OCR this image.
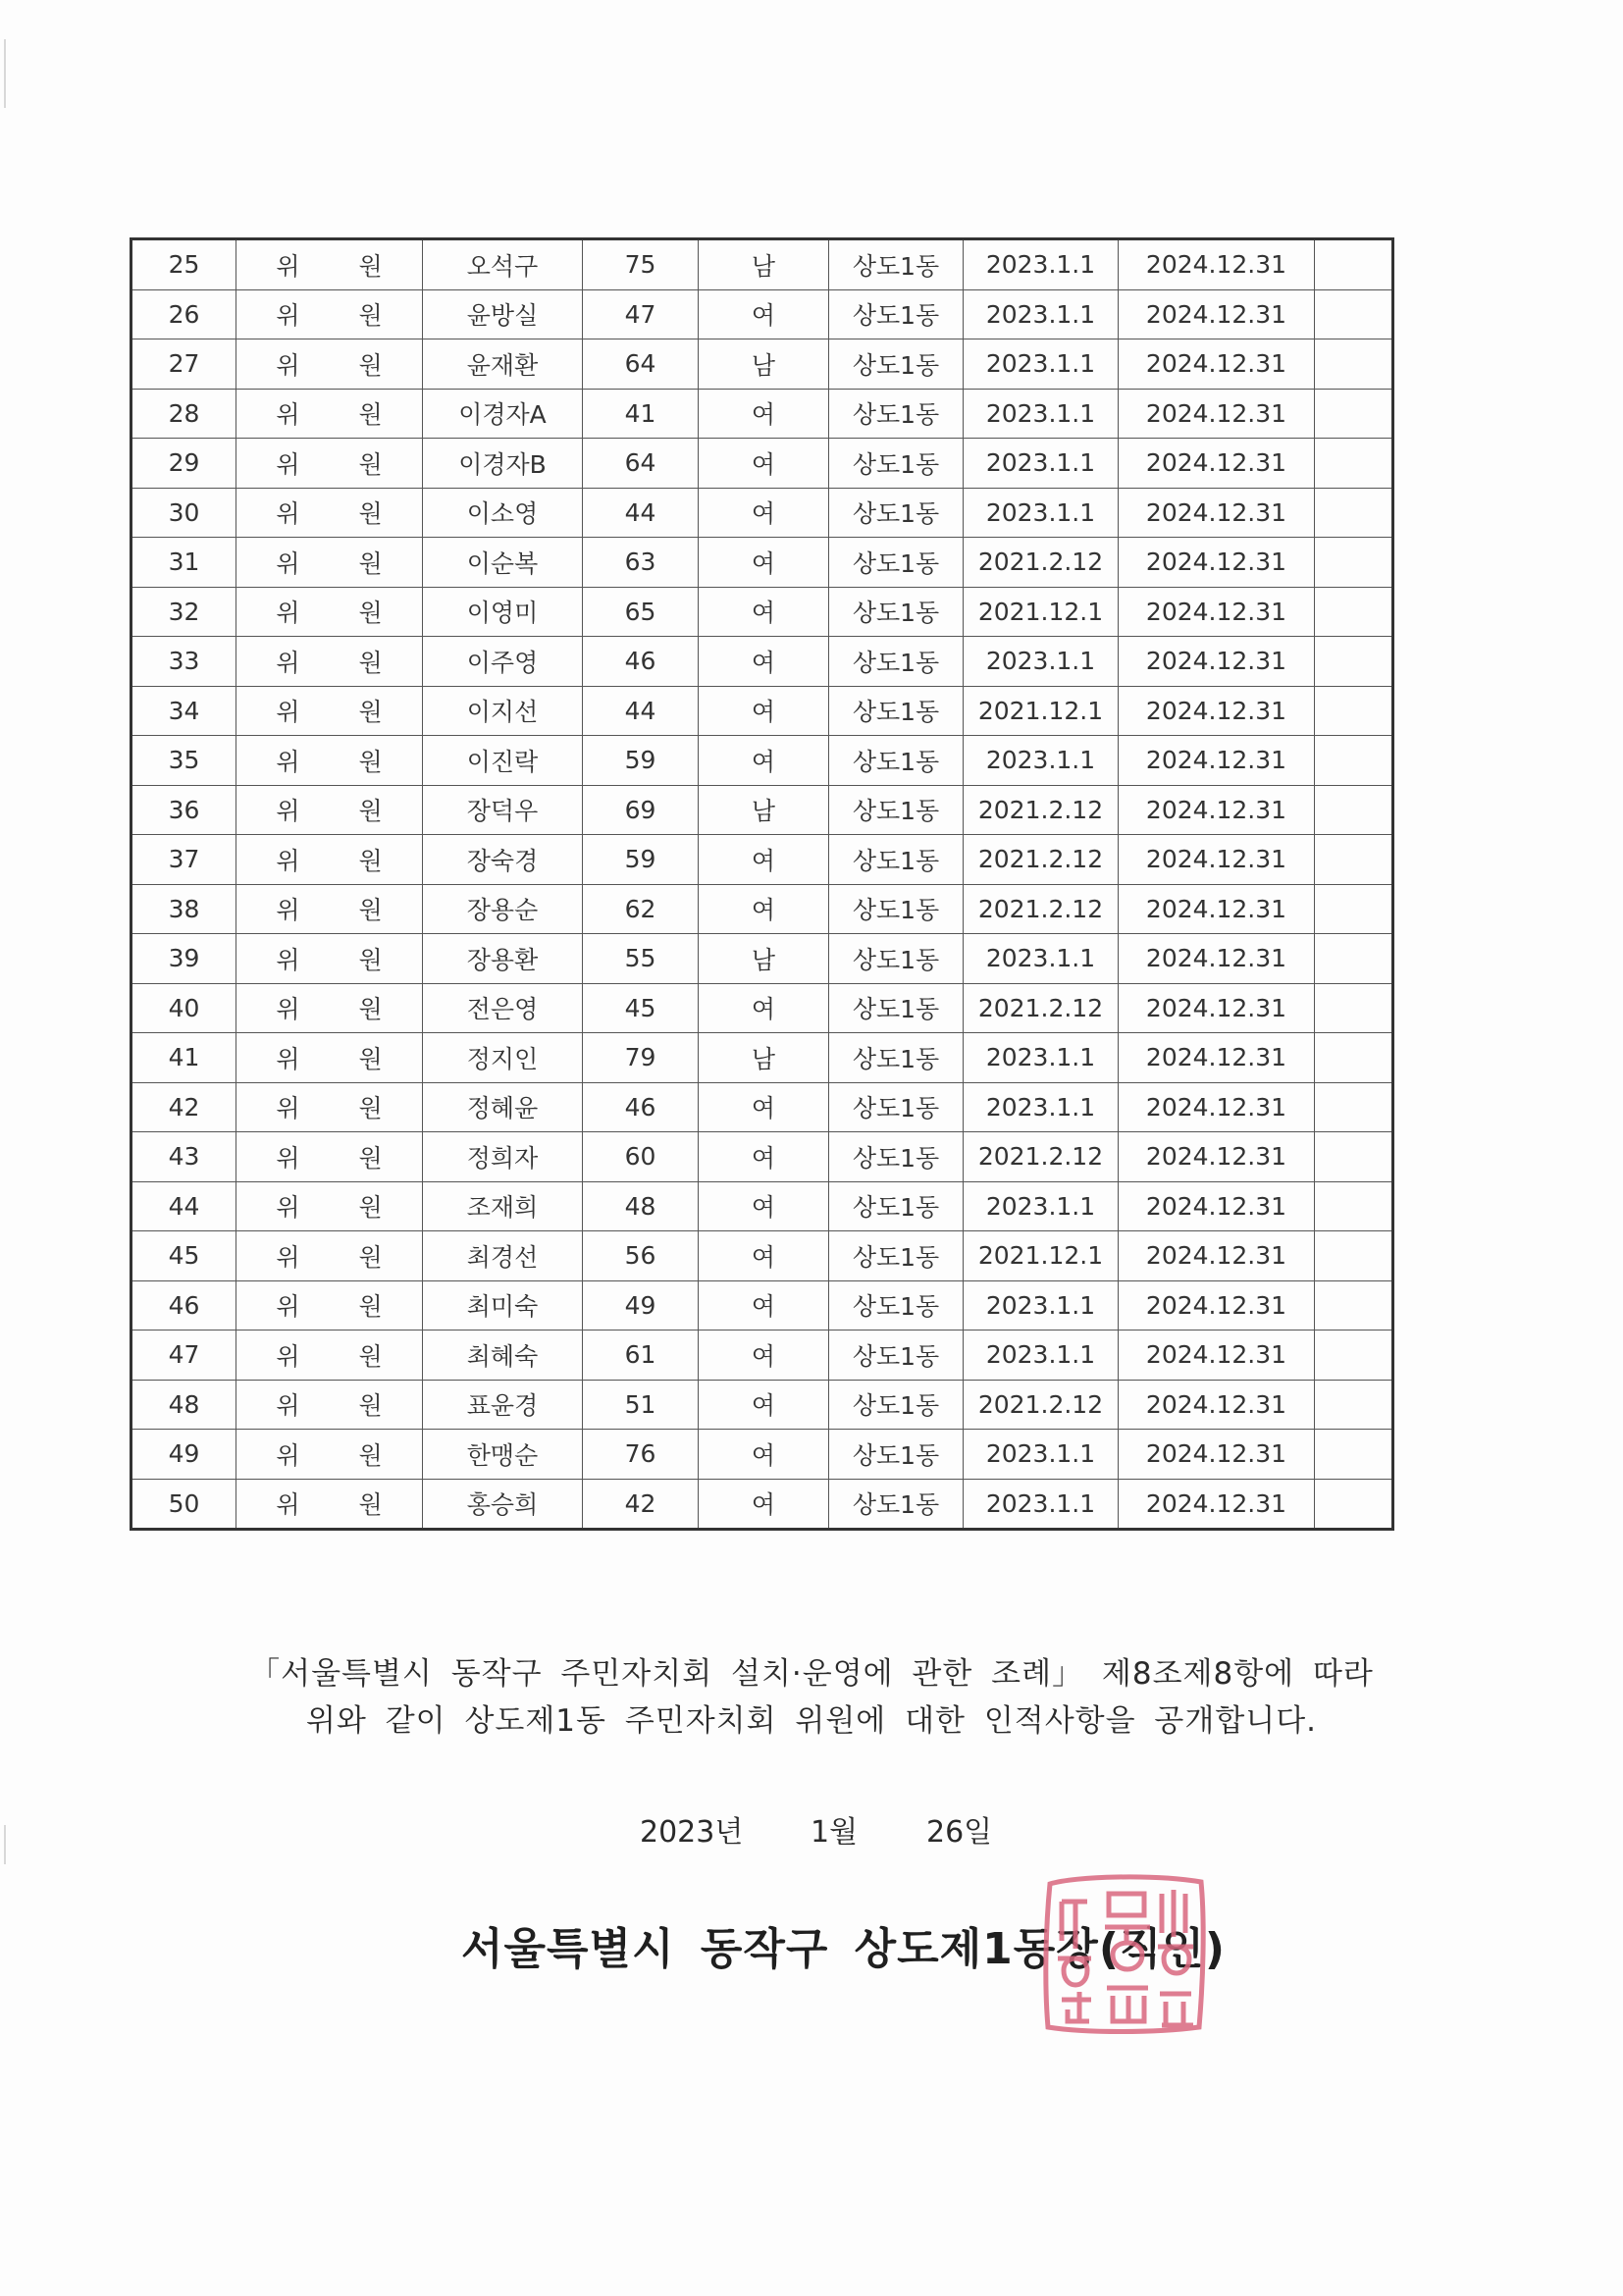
25	위 원	오석구	75	남	상도1동	2023.1.1	2024.12.31	
26	위 원	윤방실	47	여	상도1동	2023.1.1	2024.12.31	
27	위 원	윤재환	64	남	상도1동	2023.1.1	2024.12.31	
28	위 원	이경자A	41	여	상도1동	2023.1.1	2024.12.31	
29	위 원	이경자B	64	여	상도1동	2023.1.1	2024.12.31	
30	위 원	이소영	44	여	상도1동	2023.1.1	2024.12.31	
31	위 원	이순복	63	여	상도1동	2021.2.12	2024.12.31	
32	위 원	이영미	65	여	상도1동	2021.12.1	2024.12.31	
33	위 원	이주영	46	여	상도1동	2023.1.1	2024.12.31	
34	위 원	이지선	44	여	상도1동	2021.12.1	2024.12.31	
35	위 원	이진락	59	여	상도1동	2023.1.1	2024.12.31	
36	위 원	장덕우	69	남	상도1동	2021.2.12	2024.12.31	
37	위 원	장숙경	59	여	상도1동	2021.2.12	2024.12.31	
38	위 원	장용순	62	여	상도1동	2021.2.12	2024.12.31	
39	위 원	장용환	55	남	상도1동	2023.1.1	2024.12.31	
40	위 원	전은영	45	여	상도1동	2021.2.12	2024.12.31	
41	위 원	정지인	79	남	상도1동	2023.1.1	2024.12.31	
42	위 원	정혜윤	46	여	상도1동	2023.1.1	2024.12.31	
43	위 원	정희자	60	여	상도1동	2021.2.12	2024.12.31	
44	위 원	조재희	48	여	상도1동	2023.1.1	2024.12.31	
45	위 원	최경선	56	여	상도1동	2021.12.1	2024.12.31	
46	위 원	최미숙	49	여	상도1동	2023.1.1	2024.12.31	
47	위 원	최혜숙	61	여	상도1동	2023.1.1	2024.12.31	
48	위 원	표윤경	51	여	상도1동	2021.2.12	2024.12.31	
49	위 원	한맹순	76	여	상도1동	2023.1.1	2024.12.31	
50	위 원	홍승희	42	여	상도1동	2023.1.1	2024.12.31	
「서울특별시 동작구 주민자치회 설치·운영에 관한 조례」 제8조제8항에 따라
위와 같이 상도제1동 주민자치회 위원에 대한 인적사항을 공개합니다.
2023년 1월 26일
서울특별시 동작구 상도제1동장(직인)
